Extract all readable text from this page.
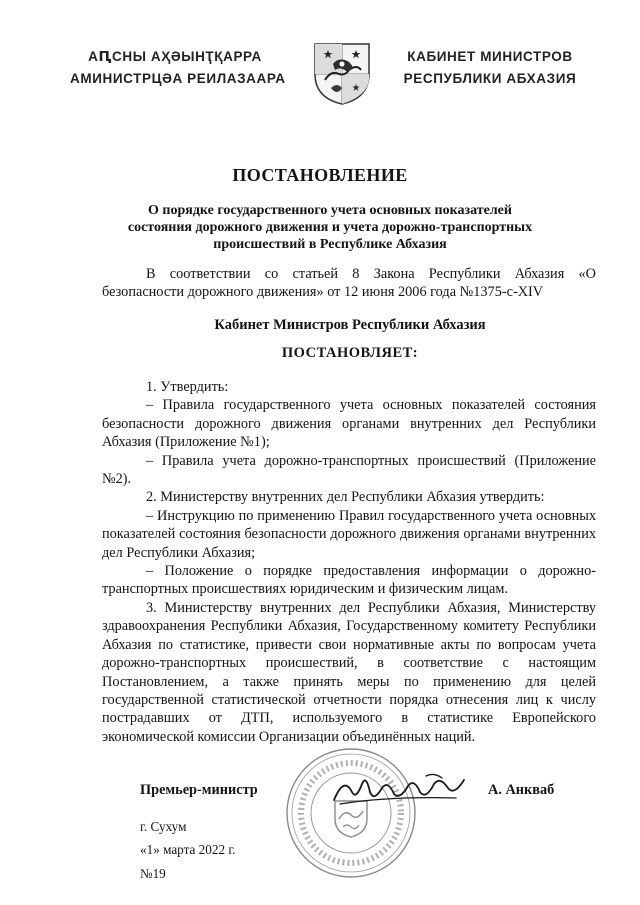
АԤСНЫ АҲӘЫНҬҚАРРА
АМИНИСТРЦӘА РЕИЛАЗААРА
КАБИНЕТ МИНИСТРОВ
РЕСПУБЛИКИ АБХАЗИЯ
ПОСТАНОВЛЕНИЕ
О порядке государственного учета основных показателей
состояния дорожного движения и учета дорожно-транспортных
происшествий в Республике Абхазия
В соответствии со статьей 8 Закона Республики Абхазия «О безопасности дорожного движения» от 12 июня 2006 года №1375-с-XIV
Кабинет Министров Республики Абхазия
ПОСТАНОВЛЯЕТ:
1. Утвердить:
– Правила государственного учета основных показателей состояния безопасности дорожного движения органами внутренних дел Республики Абхазия (Приложение №1);
– Правила учета дорожно-транспортных происшествий (Приложение №2).
2. Министерству внутренних дел Республики Абхазия утвердить:
– Инструкцию по применению Правил государственного учета основных показателей состояния безопасности дорожного движения органами внутренних дел Республики Абхазия;
– Положение о порядке предоставления информации о дорожно-транспортных происшествиях юридическим и физическим лицам.
3. Министерству внутренних дел Республики Абхазия, Министерству здравоохранения Республики Абхазия, Государственному комитету Республики Абхазия по статистике, привести свои нормативные акты по вопросам учета дорожно-транспортных происшествий, в соответствие с настоящим Постановлением, а также принять меры по применению для целей государственной статистической отчетности порядка отнесения лиц к числу пострадавших от ДТП, используемого в статистике Европейского экономической комиссии Организации объединённых наций.
Премьер-министр	А. Анкваб
г. Сухум
«1» марта 2022 г.
№19
